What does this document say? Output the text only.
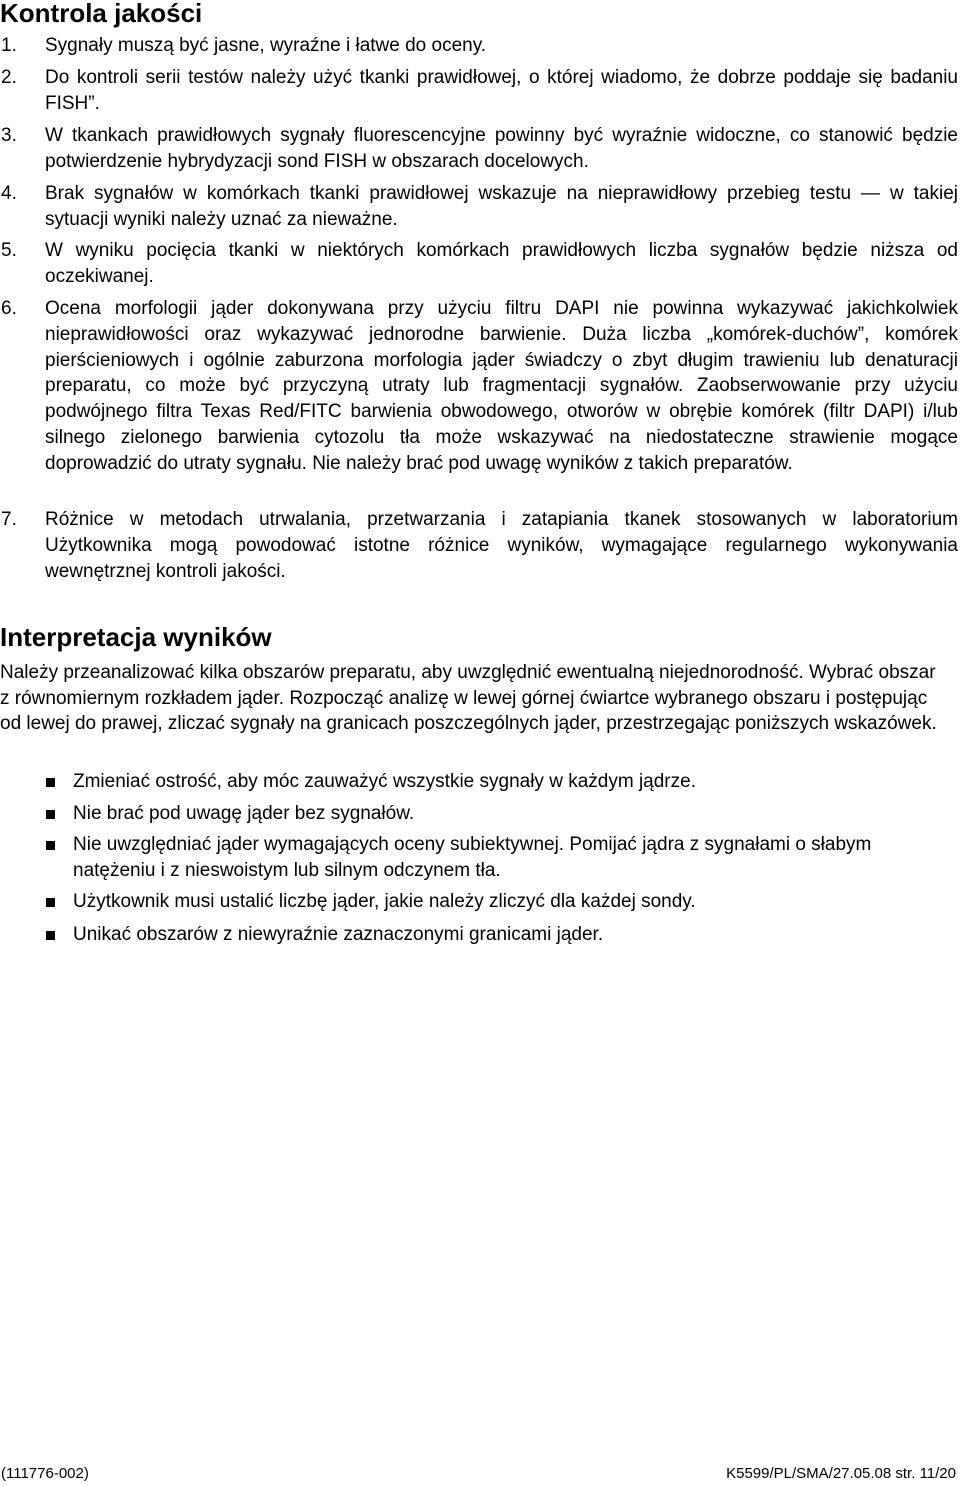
Kontrola jakości
1. Sygnały muszą być jasne, wyraźne i łatwe do oceny.
2. Do kontroli serii testów należy użyć tkanki prawidłowej, o której wiadomo, że dobrze poddaje się badaniu FISH”.
3. W tkankach prawidłowych sygnały fluorescencyjne powinny być wyraźnie widoczne, co stanowić będzie potwierdzenie hybrydyzacji sond FISH w obszarach docelowych.
4. Brak sygnałów w komórkach tkanki prawidłowej wskazuje na nieprawidłowy przebieg testu — w takiej sytuacji wyniki należy uznać za nieważne.
5. W wyniku pocięcia tkanki w niektórych komórkach prawidłowych liczba sygnałów będzie niższa od oczekiwanej.
6. Ocena morfologii jąder dokonywana przy użyciu filtru DAPI nie powinna wykazywać jakichkolwiek nieprawidłowości oraz wykazywać jednorodne barwienie. Duża liczba „komórek-duchów”, komórek pierścieniowych i ogólnie zaburzona morfologia jąder świadczy o zbyt długim trawieniu lub denaturacji preparatu, co może być przyczyną utraty lub fragmentacji sygnałów. Zaobserwowanie przy użyciu podwójnego filtra Texas Red/FITC barwienia obwodowego, otworów w obrębie komórek (filtr DAPI) i/lub silnego zielonego barwienia cytozolu tła może wskazywać na niedostateczne strawienie mogące doprowadzić do utraty sygnału. Nie należy brać pod uwagę wyników z takich preparatów.
7. Różnice w metodach utrwalania, przetwarzania i zatapiania tkanek stosowanych w laboratorium Użytkownika mogą powodować istotne różnice wyników, wymagające regularnego wykonywania wewnętrznej kontroli jakości.
Interpretacja wyników

Należy przeanalizować kilka obszarów preparatu, aby uwzględnić ewentualną niejednorodność. Wybrać obszar z równomiernym rozkładem jąder. Rozpocząć analizę w lewej górnej ćwiartce wybranego obszaru i postępując od lewej do prawej, zliczać sygnały na granicach poszczególnych jąder, przestrzegając poniższych wskazówek.

Zmieniać ostrość, aby móc zauważyć wszystkie sygnały w każdym jądrze.
Nie brać pod uwagę jąder bez sygnałów.
Nie uwzględniać jąder wymagających oceny subiektywnej. Pomijać jądra z sygnałami o słabym natężeniu i z nieswoistym lub silnym odczynem tła.
Użytkownik musi ustalić liczbę jąder, jakie należy zliczyć dla każdej sondy.
Unikać obszarów z niewyraźnie zaznaczonymi granicami jąder.
(111776-002)	K5599/PL/SMA/27.05.08 str. 11/20
